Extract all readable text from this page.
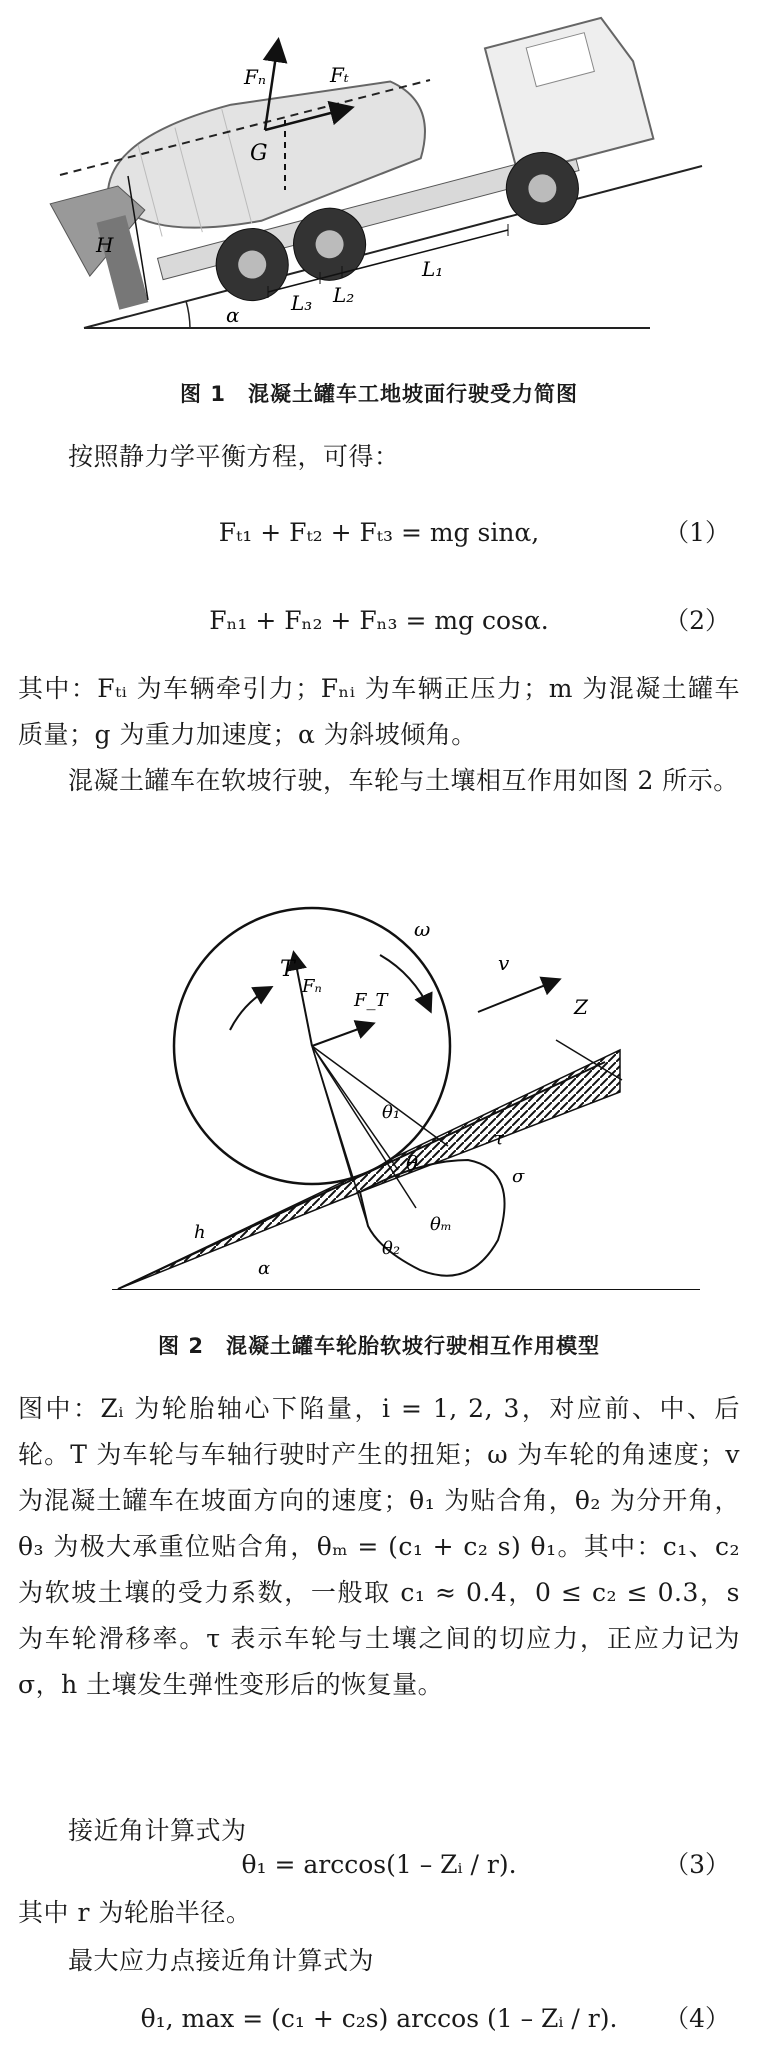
Fₙ	Fₜ
G
H
L₁
L₂
L₃
α
图 1　混凝土罐车工地坡面行驶受力简图
按照静力学平衡方程，可得：
Fₜ₁ + Fₜ₂ + Fₜ₃ = mg sinα,	（1）
Fₙ₁ + Fₙ₂ + Fₙ₃ = mg cosα.	（2）
其中：Fₜᵢ 为车辆牵引力；Fₙᵢ 为车辆正压力；m 为混凝土罐车质量；g 为重力加速度；α 为斜坡倾角。
混凝土罐车在软坡行驶，车轮与土壤相互作用如图 2 所示。
ω
T	v
Fₙ
F_T	Z
θ₁
τ
θ
σ
θₘ
θ₂
h
α
图 2　混凝土罐车轮胎软坡行驶相互作用模型
图中：Zᵢ 为轮胎轴心下陷量，i = 1, 2, 3，对应前、中、后轮。T 为车轮与车轴行驶时产生的扭矩；ω 为车轮的角速度；v 为混凝土罐车在坡面方向的速度；θ₁ 为贴合角，θ₂ 为分开角，θ₃ 为极大承重位贴合角，θₘ = (c₁ + c₂ s) θ₁。其中：c₁、c₂ 为软坡土壤的受力系数，一般取 c₁ ≈ 0.4，0 ≤ c₂ ≤ 0.3，s 为车轮滑移率。τ 表示车轮与土壤之间的切应力，正应力记为 σ，h 土壤发生弹性变形后的恢复量。
接近角计算式为
θ₁ = arccos(1 – Zᵢ / r).	（3）
其中 r 为轮胎半径。
最大应力点接近角计算式为
θ₁, max = (c₁ + c₂s) arccos (1 – Zᵢ / r).	（4）
